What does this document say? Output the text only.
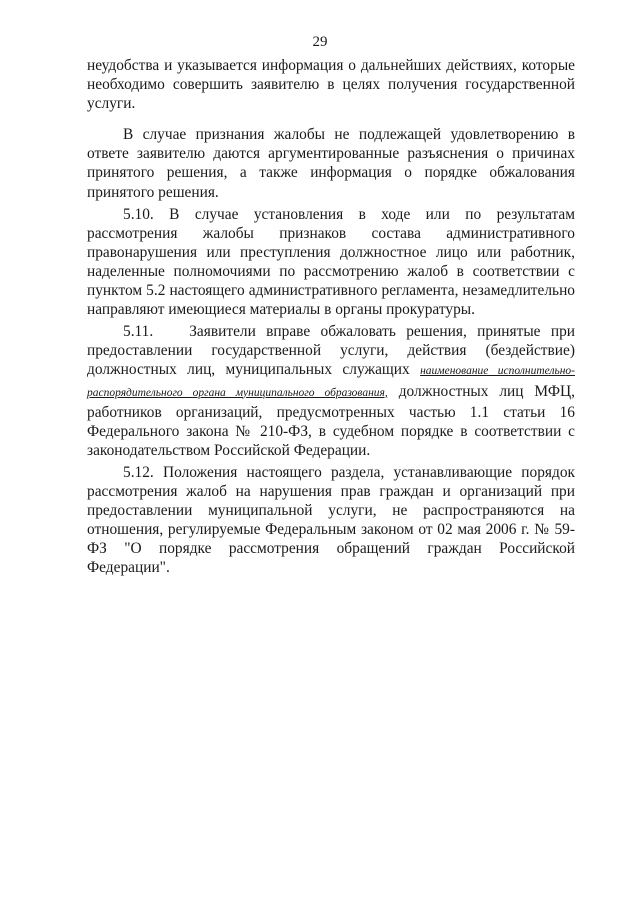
29

неудобства и указывается информация о дальнейших действиях, которые необходимо совершить заявителю в целях получения государственной услуги.

В случае признания жалобы не подлежащей удовлетворению в ответе заявителю даются аргументированные разъяснения о причинах принятого решения, а также информация о порядке обжалования принятого решения.

5.10. В случае установления в ходе или по результатам рассмотрения жалобы признаков состава административного правонарушения или преступления должностное лицо или работник, наделенные полномочиями по рассмотрению жалоб в соответствии с пунктом 5.2 настоящего административного регламента, незамедлительно направляют имеющиеся материалы в органы прокуратуры.

5.11. Заявители вправе обжаловать решения, принятые при предоставлении государственной услуги, действия (бездействие) должностных лиц, муниципальных служащих наименование исполнительно-распорядительного органа муниципального образования, должностных лиц МФЦ, работников организаций, предусмотренных частью 1.1 статьи 16 Федерального закона № 210-ФЗ, в судебном порядке в соответствии с законодательством Российской Федерации.

5.12. Положения настоящего раздела, устанавливающие порядок рассмотрения жалоб на нарушения прав граждан и организаций при предоставлении муниципальной услуги, не распространяются на отношения, регулируемые Федеральным законом от 02 мая 2006 г. № 59-ФЗ "О порядке рассмотрения обращений граждан Российской Федерации".
